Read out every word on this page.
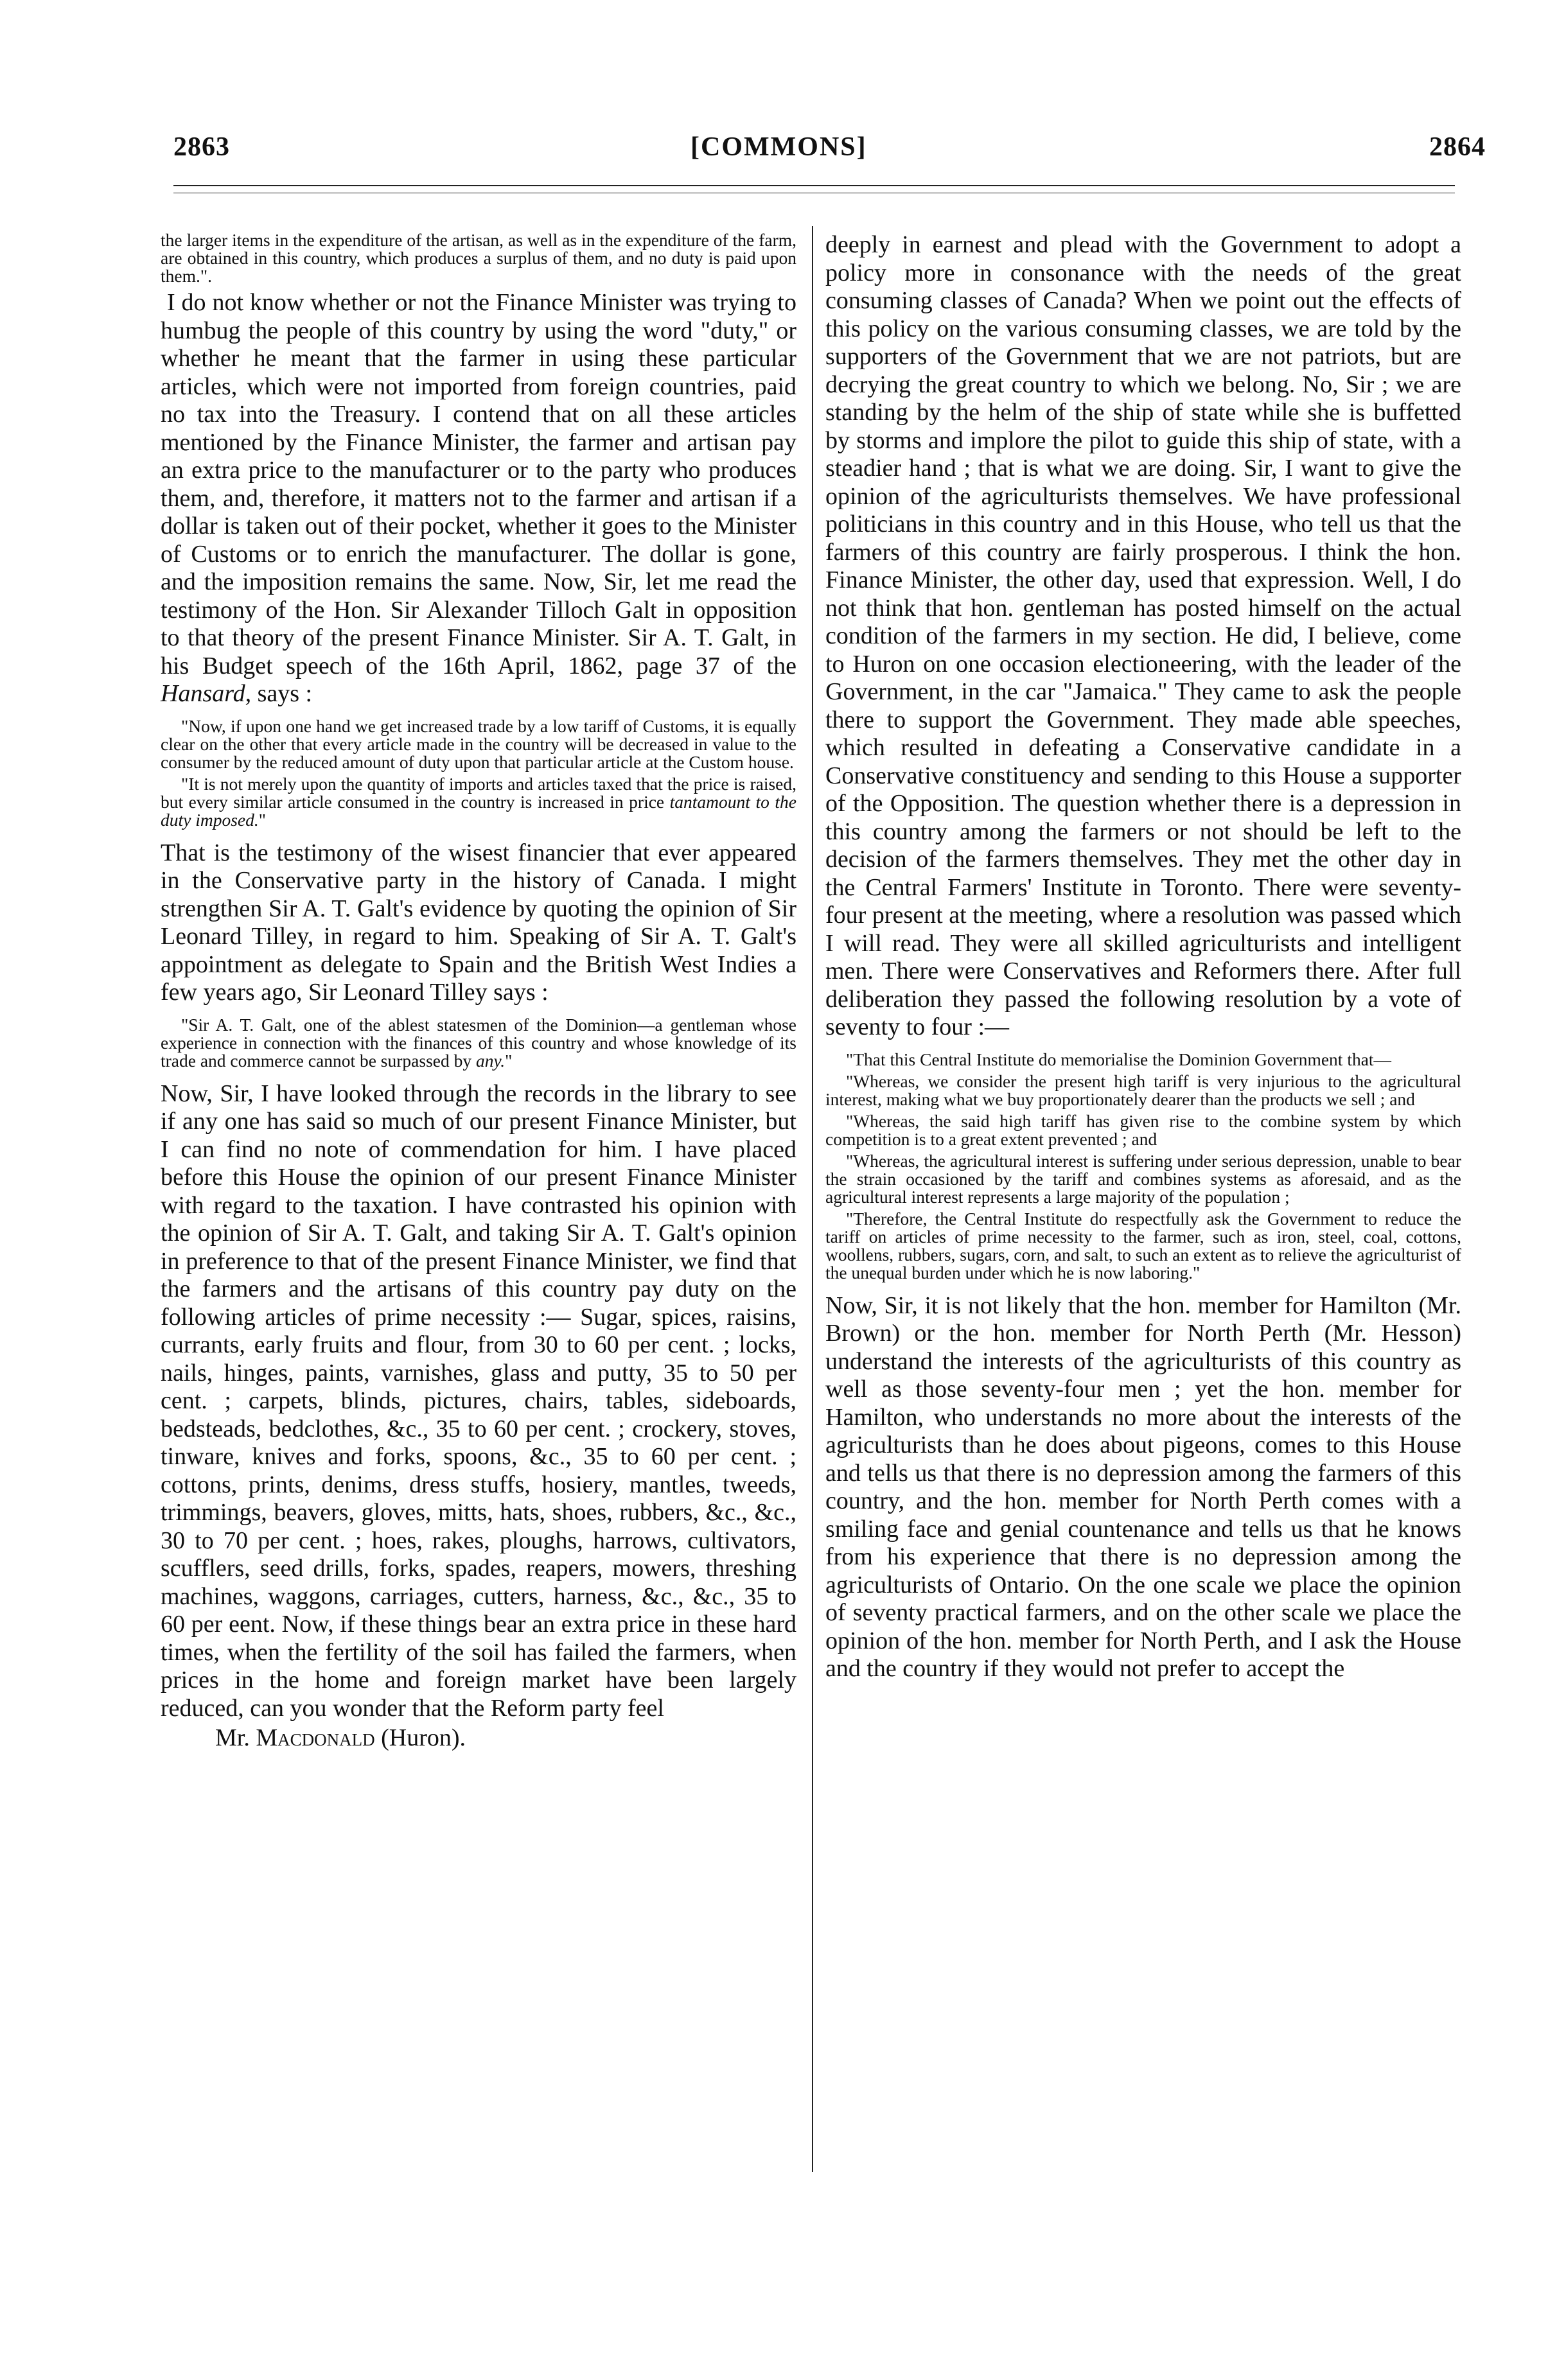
2863	[COMMONS]	2864

the larger items in the expenditure of the artisan, as well as in the expenditure of the farm, are obtained in this country, which produces a surplus of them, and no duty is paid upon them.".

I do not know whether or not the Finance Minister was trying to humbug the people of this country by using the word "duty," or whether he meant that the farmer in using these particular articles, which were not imported from foreign countries, paid no tax into the Treasury. I contend that on all these articles mentioned by the Finance Minister, the farmer and artisan pay an extra price to the manufacturer or to the party who produces them, and, therefore, it matters not to the farmer and artisan if a dollar is taken out of their pocket, whether it goes to the Minister of Customs or to enrich the manufacturer. The dollar is gone, and the imposition remains the same. Now, Sir, let me read the testimony of the Hon. Sir Alexander Tilloch Galt in opposition to that theory of the present Finance Minister. Sir A. T. Galt, in his Budget speech of the 16th April, 1862, page 37 of the Hansard, says :

"Now, if upon one hand we get increased trade by a low tariff of Customs, it is equally clear on the other that every article made in the country will be decreased in value to the consumer by the reduced amount of duty upon that particular article at the Custom house.

"It is not merely upon the quantity of imports and articles taxed that the price is raised, but every similar article consumed in the country is increased in price tantamount to the duty imposed."

That is the testimony of the wisest financier that ever appeared in the Conservative party in the history of Canada. I might strengthen Sir A. T. Galt's evidence by quoting the opinion of Sir Leonard Tilley, in regard to him. Speaking of Sir A. T. Galt's appointment as delegate to Spain and the British West Indies a few years ago, Sir Leonard Tilley says :

"Sir A. T. Galt, one of the ablest statesmen of the Dominion—a gentleman whose experience in connection with the finances of this country and whose knowledge of its trade and commerce cannot be surpassed by any."

Now, Sir, I have looked through the records in the library to see if any one has said so much of our present Finance Minister, but I can find no note of commendation for him. I have placed before this House the opinion of our present Finance Minister with regard to the taxation. I have contrasted his opinion with the opinion of Sir A. T. Galt, and taking Sir A. T. Galt's opinion in preference to that of the present Finance Minister, we find that the farmers and the artisans of this country pay duty on the following articles of prime necessity :— Sugar, spices, raisins, currants, early fruits and flour, from 30 to 60 per cent. ; locks, nails, hinges, paints, varnishes, glass and putty, 35 to 50 per cent. ; carpets, blinds, pictures, chairs, tables, sideboards, bedsteads, bedclothes, &c., 35 to 60 per cent. ; crockery, stoves, tinware, knives and forks, spoons, &c., 35 to 60 per cent. ; cottons, prints, denims, dress stuffs, hosiery, mantles, tweeds, trimmings, beavers, gloves, mitts, hats, shoes, rubbers, &c., &c., 30 to 70 per cent. ; hoes, rakes, ploughs, harrows, cultivators, scufflers, seed drills, forks, spades, reapers, mowers, threshing machines, waggons, carriages, cutters, harness, &c., &c., 35 to 60 per eent. Now, if these things bear an extra price in these hard times, when the fertility of the soil has failed the farmers, when prices in the home and foreign market have been largely reduced, can you wonder that the Reform party feel

Mr. Macdonald (Huron).

deeply in earnest and plead with the Government to adopt a policy more in consonance with the needs of the great consuming classes of Canada? When we point out the effects of this policy on the various consuming classes, we are told by the supporters of the Government that we are not patriots, but are decrying the great country to which we belong. No, Sir ; we are standing by the helm of the ship of state while she is buffetted by storms and implore the pilot to guide this ship of state, with a steadier hand ; that is what we are doing. Sir, I want to give the opinion of the agriculturists themselves. We have professional politicians in this country and in this House, who tell us that the farmers of this country are fairly prosperous. I think the hon. Finance Minister, the other day, used that expression. Well, I do not think that hon. gentleman has posted himself on the actual condition of the farmers in my section. He did, I believe, come to Huron on one occasion electioneering, with the leader of the Government, in the car "Jamaica." They came to ask the people there to support the Government. They made able speeches, which resulted in defeating a Conservative candidate in a Conservative constituency and sending to this House a supporter of the Opposition. The question whether there is a depression in this country among the farmers or not should be left to the decision of the farmers themselves. They met the other day in the Central Farmers' Institute in Toronto. There were seventy-four present at the meeting, where a resolution was passed which I will read. They were all skilled agriculturists and intelligent men. There were Conservatives and Reformers there. After full deliberation they passed the following resolution by a vote of seventy to four :—

"That this Central Institute do memorialise the Dominion Government that—

"Whereas, we consider the present high tariff is very injurious to the agricultural interest, making what we buy proportionately dearer than the products we sell ; and

"Whereas, the said high tariff has given rise to the combine system by which competition is to a great extent prevented ; and

"Whereas, the agricultural interest is suffering under serious depression, unable to bear the strain occasioned by the tariff and combines systems as aforesaid, and as the agricultural interest represents a large majority of the population ;

"Therefore, the Central Institute do respectfully ask the Government to reduce the tariff on articles of prime necessity to the farmer, such as iron, steel, coal, cottons, woollens, rubbers, sugars, corn, and salt, to such an extent as to relieve the agriculturist of the unequal burden under which he is now laboring."

Now, Sir, it is not likely that the hon. member for Hamilton (Mr. Brown) or the hon. member for North Perth (Mr. Hesson) understand the interests of the agriculturists of this country as well as those seventy-four men ; yet the hon. member for Hamilton, who understands no more about the interests of the agriculturists than he does about pigeons, comes to this House and tells us that there is no depression among the farmers of this country, and the hon. member for North Perth comes with a smiling face and genial countenance and tells us that he knows from his experience that there is no depression among the agriculturists of Ontario. On the one scale we place the opinion of seventy practical farmers, and on the other scale we place the opinion of the hon. member for North Perth, and I ask the House and the country if they would not prefer to accept the
